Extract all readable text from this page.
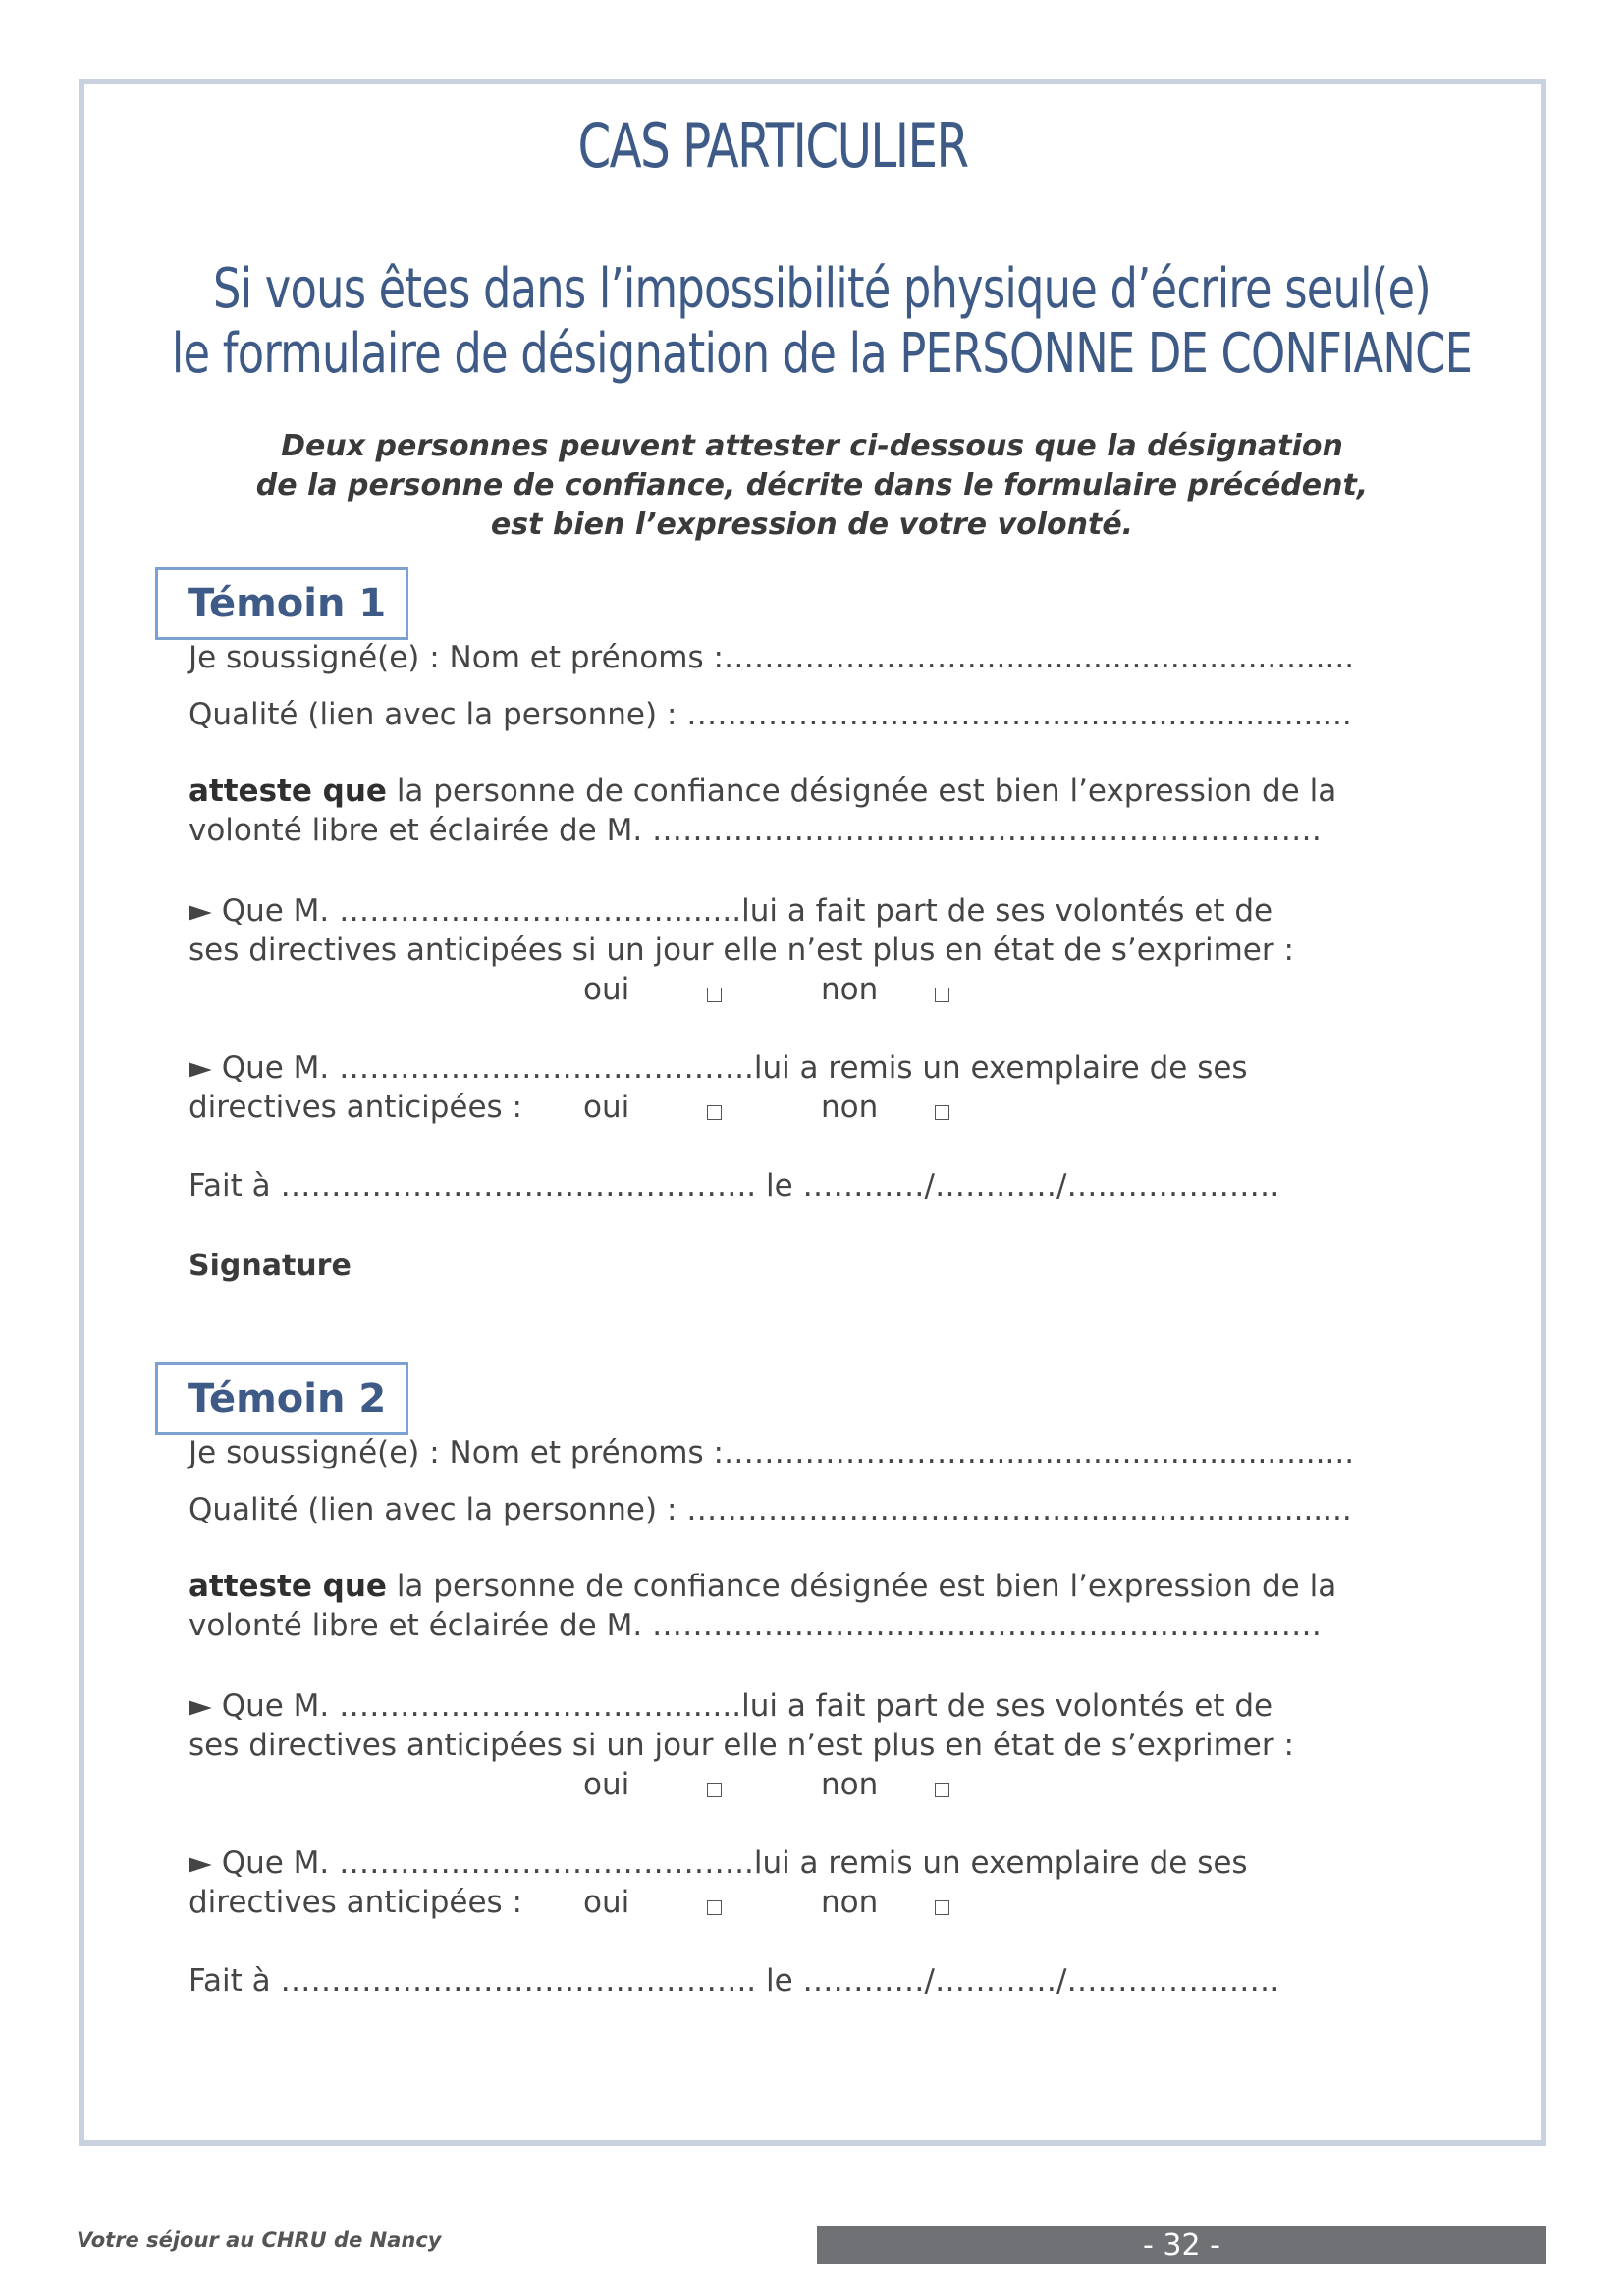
CAS PARTICULIER
Si vous êtes dans l’impossibilité physique d’écrire seul(e)
le formulaire de désignation de la PERSONNE DE CONFIANCE
Deux personnes peuvent attester ci-dessous que la désignation
de la personne de confiance, décrite dans le formulaire précédent,
est bien l’expression de votre volonté.
Témoin 1
Je soussigné(e) : Nom et prénoms :……………………........................................
Qualité (lien avec la personne) : ………………………………...............................
atteste que la personne de confiance désignée est bien l’expression de la
volonté libre et éclairée de M. …………………………………………………………
► Que M. …………………………….......lui a fait part de ses volontés et de
ses directives anticipées si un jour elle n’est plus en état de s’exprimer :
oui	non
► Que M. …………………………………..lui a remis un exemplaire de ses
directives anticipées : oui	non
Fait à ……………………………………….. le …………/…………/…………………
Signature
Témoin 2
Je soussigné(e) : Nom et prénoms :……………………........................................
Qualité (lien avec la personne) : ………………………………...............................
atteste que la personne de confiance désignée est bien l’expression de la
volonté libre et éclairée de M. …………………………………………………………
► Que M. …………………………….......lui a fait part de ses volontés et de
ses directives anticipées si un jour elle n’est plus en état de s’exprimer :
oui	non
► Que M. …………………………………..lui a remis un exemplaire de ses
directives anticipées : oui	non
Fait à ……………………………………….. le …………/…………/…………………
Votre séjour au CHRU de Nancy	- 32 -
